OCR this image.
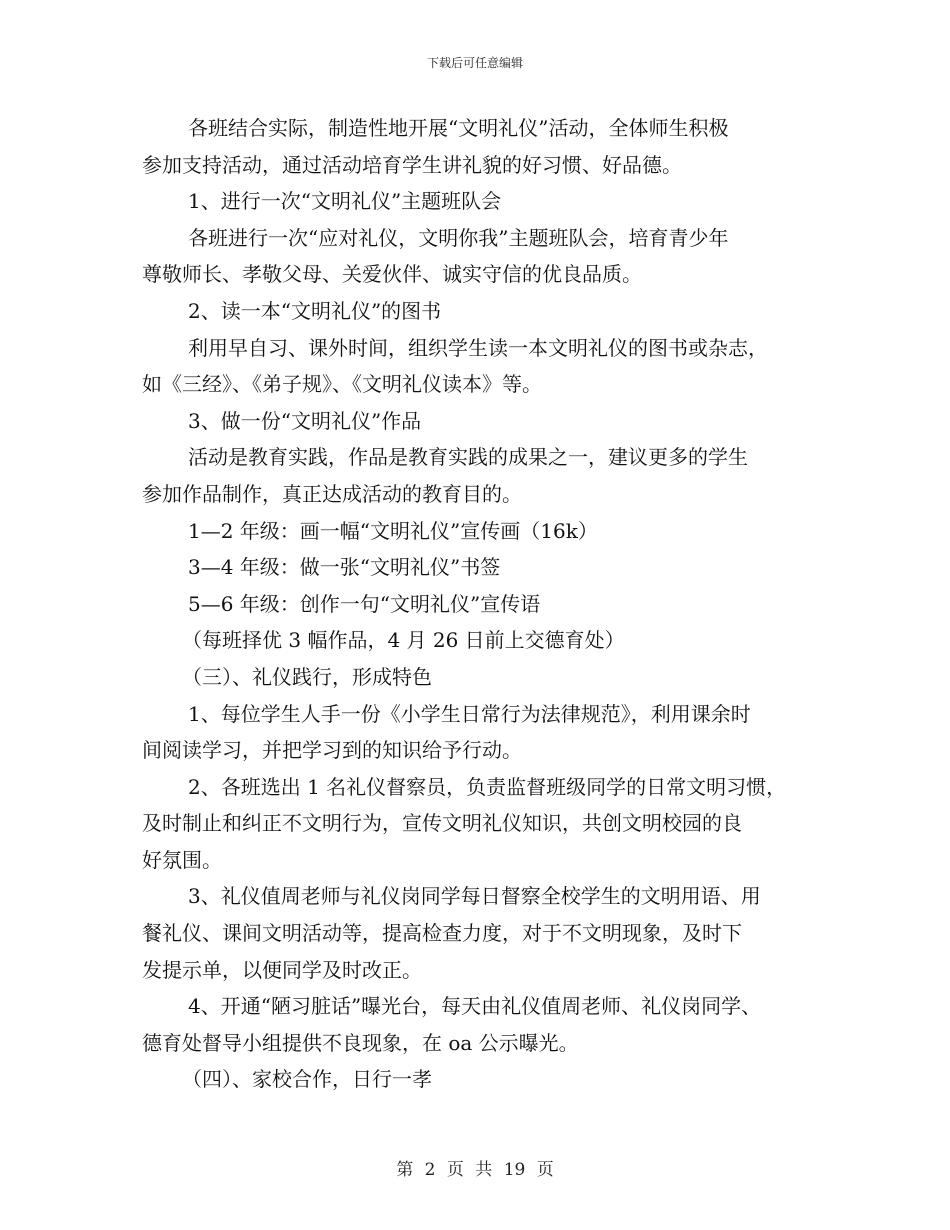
下载后可任意编辑
各班结合实际，制造性地开展“文明礼仪”活动，全体师生积极
参加支持活动，通过活动培育学生讲礼貌的好习惯、好品德。
1、进行一次“文明礼仪”主题班队会
各班进行一次“应对礼仪，文明你我”主题班队会，培育青少年
尊敬师长、孝敬父母、关爱伙伴、诚实守信的优良品质。
2、读一本“文明礼仪”的图书
利用早自习、课外时间，组织学生读一本文明礼仪的图书或杂志，
如《三经》、《弟子规》、《文明礼仪读本》等。
3、做一份“文明礼仪”作品
活动是教育实践，作品是教育实践的成果之一，建议更多的学生
参加作品制作，真正达成活动的教育目的。
1—2 年级：画一幅“文明礼仪”宣传画（16k）
3—4 年级：做一张“文明礼仪”书签
5—6 年级：创作一句“文明礼仪”宣传语
（每班择优 3 幅作品，4 月 26 日前上交德育处）
（三）、礼仪践行，形成特色
1、每位学生人手一份《小学生日常行为法律规范》，利用课余时
间阅读学习，并把学习到的知识给予行动。
2、各班选出 1 名礼仪督察员，负责监督班级同学的日常文明习惯，
及时制止和纠正不文明行为，宣传文明礼仪知识，共创文明校园的良
好氛围。
3、礼仪值周老师与礼仪岗同学每日督察全校学生的文明用语、用
餐礼仪、课间文明活动等，提高检查力度，对于不文明现象，及时下
发提示单，以便同学及时改正。
4、开通“陋习脏话”曝光台，每天由礼仪值周老师、礼仪岗同学、
德育处督导小组提供不良现象，在 oa 公示曝光。
（四）、家校合作，日行一孝
第 2 页 共 19 页
